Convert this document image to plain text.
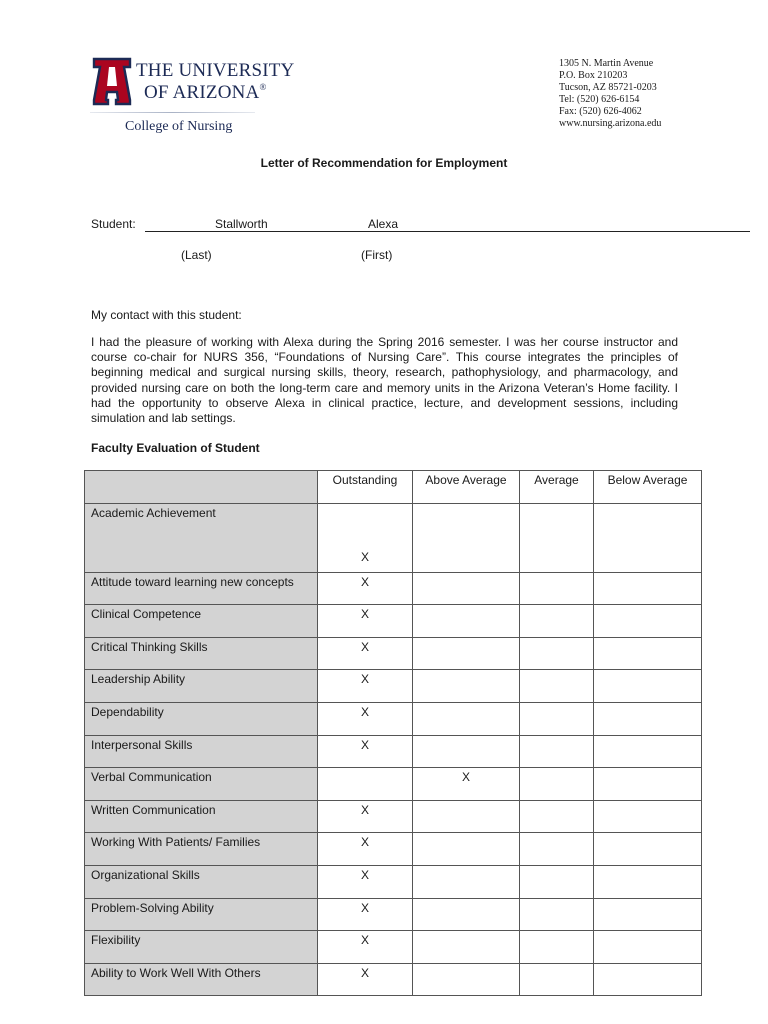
THE UNIVERSITY
OF ARIZONA®
College of Nursing
1305 N. Martin Avenue
P.O. Box 210203
Tucson, AZ 85721-0203
Tel: (520) 626-6154
Fax: (520) 626-4062
www.nursing.arizona.edu
Letter of Recommendation for Employment
Student:	Stallworth	Alexa
(Last)	(First)
My contact with this student:
I had the pleasure of working with Alexa during the Spring 2016 semester. I was her course instructor and course co-chair for NURS 356, “Foundations of Nursing Care”. This course integrates the principles of beginning medical and surgical nursing skills, theory, research, pathophysiology, and pharmacology, and provided nursing care on both the long-term care and memory units in the Arizona Veteran’s Home facility. I had the opportunity to observe Alexa in clinical practice, lecture, and development sessions, including simulation and lab settings.
Faculty Evaluation of Student
	Outstanding	Above Average	Average	Below Average
Academic Achievement	X			
Attitude toward learning new concepts	X			
Clinical Competence	X			
Critical Thinking Skills	X			
Leadership Ability	X			
Dependability	X			
Interpersonal Skills	X			
Verbal Communication		X		
Written Communication	X			
Working With Patients/ Families	X			
Organizational Skills	X			
Problem-Solving Ability	X			
Flexibility	X			
Ability to Work Well With Others	X			
